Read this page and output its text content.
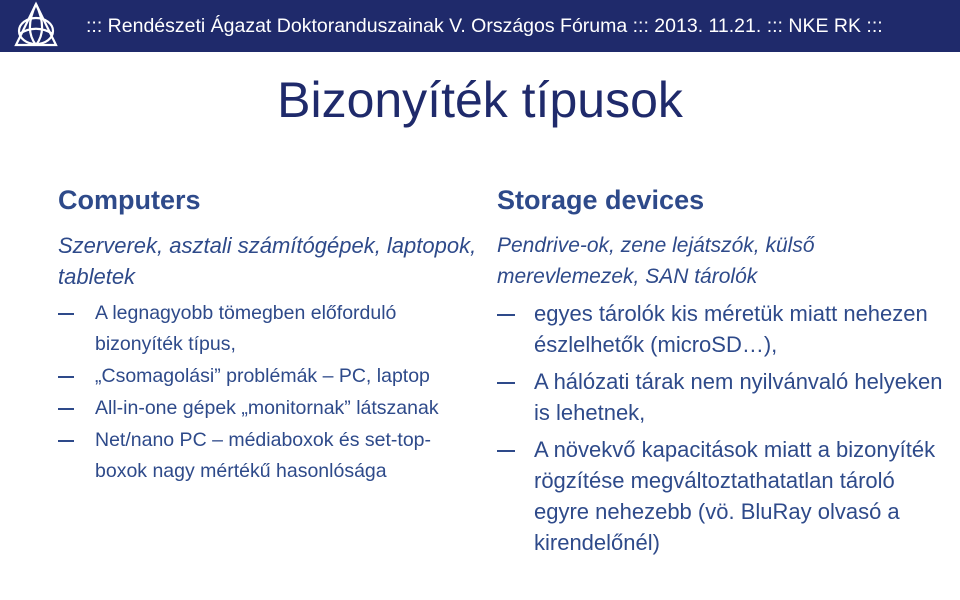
::: Rendészeti Ágazat Doktoranduszainak V. Országos Fóruma ::: 2013. 11.21. ::: NKE RK :::
Bizonyíték típusok
Computers
Szerverek, asztali számítógépek, laptopok, tabletek
A legnagyobb tömegben előforduló bizonyíték típus,
„Csomagolási” problémák – PC, laptop
All-in-one gépek „monitornak” látszanak
Net/nano PC – médiaboxok és set-top-boxok nagy mértékű hasonlósága
Storage devices
Pendrive-ok, zene lejátszók, külső merevlemezek, SAN tárolók
egyes tárolók kis méretük miatt nehezen észlelhetők (microSD…),
A hálózati tárak nem nyilvánvaló helyeken is lehetnek,
A növekvő kapacitások miatt a bizonyíték rögzítése megváltoztathatatlan tároló egyre nehezebb (vö. BluRay olvasó a kirendelőnél)
